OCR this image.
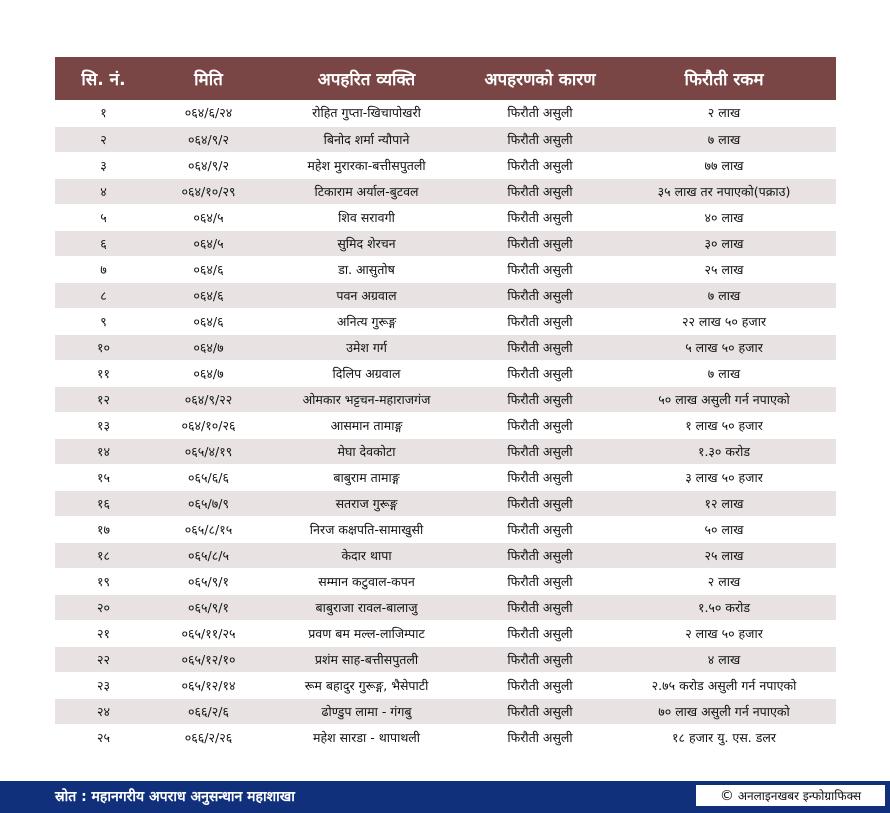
सि. नं.	मिति	अपहरित व्यक्ति	अपहरणको कारण	फिरौती रकम
१	०६४/६/२४	रोहित गुप्ता-खिचापोखरी	फिरौती असुली	२ लाख
२	०६४/९/२	बिनोद शर्मा न्यौपाने	फिरौती असुली	७ लाख
३	०६४/९/२	महेश मुरारका-बत्तीसपुतली	फिरौती असुली	७७ लाख
४	०६४/१०/२९	टिकाराम अर्याल-बुटवल	फिरौती असुली	३५ लाख तर नपाएको(पक्राउ)
५	०६४/५	शिव सरावगी	फिरौती असुली	४० लाख
६	०६४/५	सुमिद शेरचन	फिरौती असुली	३० लाख
७	०६४/६	डा. आसुतोष	फिरौती असुली	२५ लाख
८	०६४/६	पवन अग्रवाल	फिरौती असुली	७ लाख
९	०६४/६	अनित्य गुरूङ्ग	फिरौती असुली	२२ लाख ५० हजार
१०	०६४/७	उमेश गर्ग	फिरौती असुली	५ लाख ५० हजार
११	०६४/७	दिलिप अग्रवाल	फिरौती असुली	७ लाख
१२	०६४/९/२२	ओमकार भट्टचन-महाराजगंज	फिरौती असुली	५० लाख असुली गर्न नपाएको
१३	०६४/१०/२६	आसमान तामाङ्ग	फिरौती असुली	१ लाख ५० हजार
१४	०६५/४/१९	मेघा देवकोटा	फिरौती असुली	१.३० करोड
१५	०६५/६/६	बाबुराम तामाङ्ग	फिरौती असुली	३ लाख ५० हजार
१६	०६५/७/९	सतराज गुरूङ्ग	फिरौती असुली	१२ लाख
१७	०६५/८/१५	निरज कक्षपति-सामाखुसी	फिरौती असुली	५० लाख
१८	०६५/८/५	केदार थापा	फिरौती असुली	२५ लाख
१९	०६५/९/१	सम्मान कटुवाल-कपन	फिरौती असुली	२ लाख
२०	०६५/९/१	बाबुराजा रावल-बालाजु	फिरौती असुली	१.५० करोड
२१	०६५/११/२५	प्रवण बम मल्ल-लाजिम्पाट	फिरौती असुली	२ लाख ५० हजार
२२	०६५/१२/१०	प्रशंम साह-बत्तीसपुतली	फिरौती असुली	४ लाख
२३	०६५/१२/१४	रूम बहादुर गुरूङ्ग, भैसेपाटी	फिरौती असुली	२.७५ करोड असुली गर्न नपाएको
२४	०६६/२/६	ढोण्डुप लामा - गंगबु	फिरौती असुली	७० लाख असुली गर्न नपाएको
२५	०६६/२/२६	महेश सारडा - थापाथली	फिरौती असुली	१८ हजार यु. एस. डलर
स्रोत : महानगरीय अपराध अनुसन्धान महाशाखा	© अनलाइनखबर इन्फोग्राफिक्स
